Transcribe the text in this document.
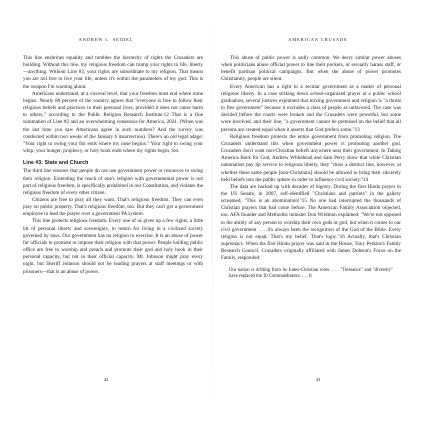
ANDREW L. SEIDEL

This line enshrines equality and tumbles the hierarchy of rights the Crusaders are building. Without this line, my religious freedom can trump your rights to life, liberty—anything. Without Line #2, your rights are subordinate to my religion. That means you are not free to live your life, unless it's within the parameters of my god. This is the weapon I'm warning about.

Americans understand, at a visceral level, that your freedom must end where mine begins. Nearly 80 percent of the country agrees that "everyone is free to follow their religious beliefs and practices in their personal lives, provided it does not cause harm to others," according to the Public Religion Research Institute.12 That is a fine summation of Line #2 and an overwhelming consensus for America, 2021. (When was the last time you saw Americans agree in such numbers? And the survey was conducted within two weeks of the January 6 insurrection). There's an old legal adage: "Your right to swing your fist ends where my nose begins." Your right to swing your whip, your hunger, prophecy, or holy book ends where my rights begin, too.

Line #3: State and Church

The third line ensures that people do not use government power or resources to swing their religion. Extending the reach of one's religion with governmental power is not part of religious freedom, is specifically prohibited in our Constitution, and violates the religious freedom of every other citizen.

Citizens are free to pray all they want. That's religious freedom. They can even pray on public property. That's religious freedom, too. But they can't get a government employee to lead the prayer over a government PA system.

This line protects religious freedom. Every one of us gives up a few rights, a little bit of personal liberty and sovereignty, in return for living in a civilized society governed by laws. Our government has no religion to exercise. It is an abuse of power for officials to promote or impose their religion with that power. People holding public office are free to worship and preach and promote their god and holy book in their personal capacity, but not in their official capacity. Mr. Johnson might pray every night, but Sheriff Johnson should not be leading prayers at staff meetings or with prisoners—that is an abuse of power.

42
AMERICAN CRUSADE

This abuse of public power is sadly common. We decry similar power abuses when politicians abuse official power to line their pockets, or sexually harass staff, or benefit partisan political campaigns. But when the abuse of power promotes Christianity, people are silent.

Every American has a right to a secular government as a matter of personal religious liberty. In a case striking down school-organized prayer at a public school graduation, several justices explained that mixing government and religion is "a threat to free government" because it excludes a class of people as unfavored. The case was decided before the courts were broken and the Crusaders were powerful, but some were involved, and their line, "a government cannot be premised on the belief that all persons are created equal when it asserts that God prefers some."13

Religious freedom protects the entire government from promoting religion. The Crusaders understand this when government power is promoting another god. Crusaders don't want non-Christian beliefs anywhere near their government. In Taking America Back for God, Andrew Whitehead and Sam Perry show that while Christian nationalists pay lip service to religious liberty, they "draw a distinct line, however, at whether these same people [non-Christians] should be allowed to bring their sincerely held beliefs into the public sphere in order to influence civil society."14

The data are backed up with decades of bigotry. During the first Hindu prayer in the US Senate, in 2007, self-identified "Christians and patriots" in the gallery screamed, "This is an abomination!"15 No one had interrupted the thousands of Christian prayers that had come before. The American Family Association objected, too. AFA founder and Methodist minister Don Wildmon explained: "We're not opposed to the ability of any person to worship their own gods or god, but when it comes to our civil government . . . it's always been the recognition of the God of the Bible. Every religion is not equal. That's my belief. That's logic."16 Actually, that's Christian supremacy. When the first Hindu prayer was said in the House, Tony Perkins's Family Research Council, Crusaders originally affiliated with James Dobson's Focus on the Family, responded:

Our nation is drifting from its Judeo-Christian roots. . . . "Tolerance" and "diversity" have replaced the 10 Commandments. . . . It

43
